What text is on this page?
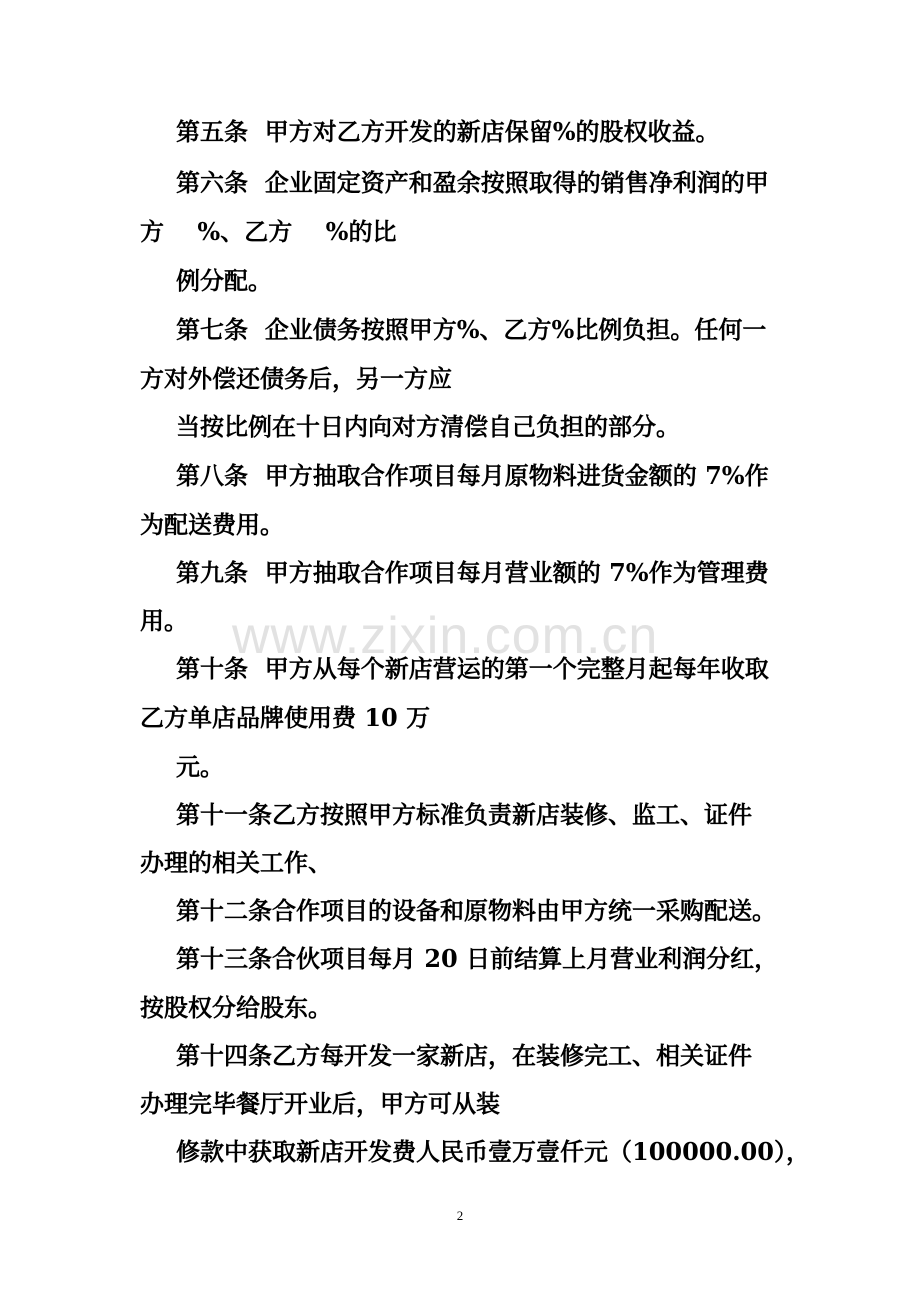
www.zixin.com.cn
第五条  甲方对乙方开发的新店保留%的股权收益。
第六条  企业固定资产和盈余按照取得的销售净利润的甲
方    %、乙方    %的比
例分配。
第七条  企业债务按照甲方%、乙方%比例负担。任何一
方对外偿还债务后，另一方应
当按比例在十日内向对方清偿自己负担的部分。
第八条  甲方抽取合作项目每月原物料进货金额的 7%作
为配送费用。
第九条  甲方抽取合作项目每月营业额的 7%作为管理费
用。
第十条  甲方从每个新店营运的第一个完整月起每年收取
乙方单店品牌使用费 10 万
元。
第十一条乙方按照甲方标准负责新店装修、监工、证件
办理的相关工作、
第十二条合作项目的设备和原物料由甲方统一采购配送。
第十三条合伙项目每月 20 日前结算上月营业利润分红，
按股权分给股东。
第十四条乙方每开发一家新店，在装修完工、相关证件
办理完毕餐厅开业后，甲方可从装
修款中获取新店开发费人民币壹万壹仟元（100000.00），
2
